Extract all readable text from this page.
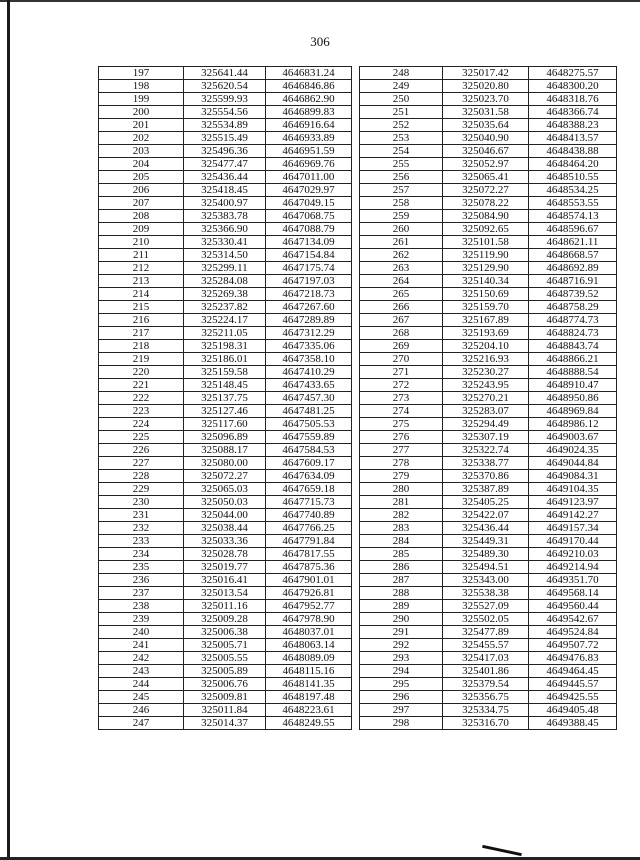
306
197	325641.44	4646831.24		248	325017.42	4648275.57
198	325620.54	4646846.86		249	325020.80	4648300.20
199	325599.93	4646862.90		250	325023.70	4648318.76
200	325554.56	4646899.83		251	325031.58	4648366.74
201	325534.89	4646916.64		252	325035.64	4648388.23
202	325515.49	4646933.89		253	325040.90	4648413.57
203	325496.36	4646951.59		254	325046.67	4648438.88
204	325477.47	4646969.76		255	325052.97	4648464.20
205	325436.44	4647011.00		256	325065.41	4648510.55
206	325418.45	4647029.97		257	325072.27	4648534.25
207	325400.97	4647049.15		258	325078.22	4648553.55
208	325383.78	4647068.75		259	325084.90	4648574.13
209	325366.90	4647088.79		260	325092.65	4648596.67
210	325330.41	4647134.09		261	325101.58	4648621.11
211	325314.50	4647154.84		262	325119.90	4648668.57
212	325299.11	4647175.74		263	325129.90	4648692.89
213	325284.08	4647197.03		264	325140.34	4648716.91
214	325269.38	4647218.73		265	325150.69	4648739.52
215	325237.82	4647267.60		266	325159.70	4648758.29
216	325224.17	4647289.89		267	325167.89	4648774.73
217	325211.05	4647312.29		268	325193.69	4648824.73
218	325198.31	4647335.06		269	325204.10	4648843.74
219	325186.01	4647358.10		270	325216.93	4648866.21
220	325159.58	4647410.29		271	325230.27	4648888.54
221	325148.45	4647433.65		272	325243.95	4648910.47
222	325137.75	4647457.30		273	325270.21	4648950.86
223	325127.46	4647481.25		274	325283.07	4648969.84
224	325117.60	4647505.53		275	325294.49	4648986.12
225	325096.89	4647559.89		276	325307.19	4649003.67
226	325088.17	4647584.53		277	325322.74	4649024.35
227	325080.00	4647609.17		278	325338.77	4649044.84
228	325072.27	4647634.09		279	325370.86	4649084.31
229	325065.03	4647659.18		280	325387.89	4649104.35
230	325050.03	4647715.73		281	325405.25	4649123.97
231	325044.00	4647740.89		282	325422.07	4649142.27
232	325038.44	4647766.25		283	325436.44	4649157.34
233	325033.36	4647791.84		284	325449.31	4649170.44
234	325028.78	4647817.55		285	325489.30	4649210.03
235	325019.77	4647875.36		286	325494.51	4649214.94
236	325016.41	4647901.01		287	325343.00	4649351.70
237	325013.54	4647926.81		288	325538.38	4649568.14
238	325011.16	4647952.77		289	325527.09	4649560.44
239	325009.28	4647978.90		290	325502.05	4649542.67
240	325006.38	4648037.01		291	325477.89	4649524.84
241	325005.71	4648063.14		292	325455.57	4649507.72
242	325005.55	4648089.09		293	325417.03	4649476.83
243	325005.89	4648115.16		294	325401.86	4649464.45
244	325006.76	4648141.35		295	325379.54	4649445.57
245	325009.81	4648197.48		296	325356.75	4649425.55
246	325011.84	4648223.61		297	325334.75	4649405.48
247	325014.37	4648249.55		298	325316.70	4649388.45
